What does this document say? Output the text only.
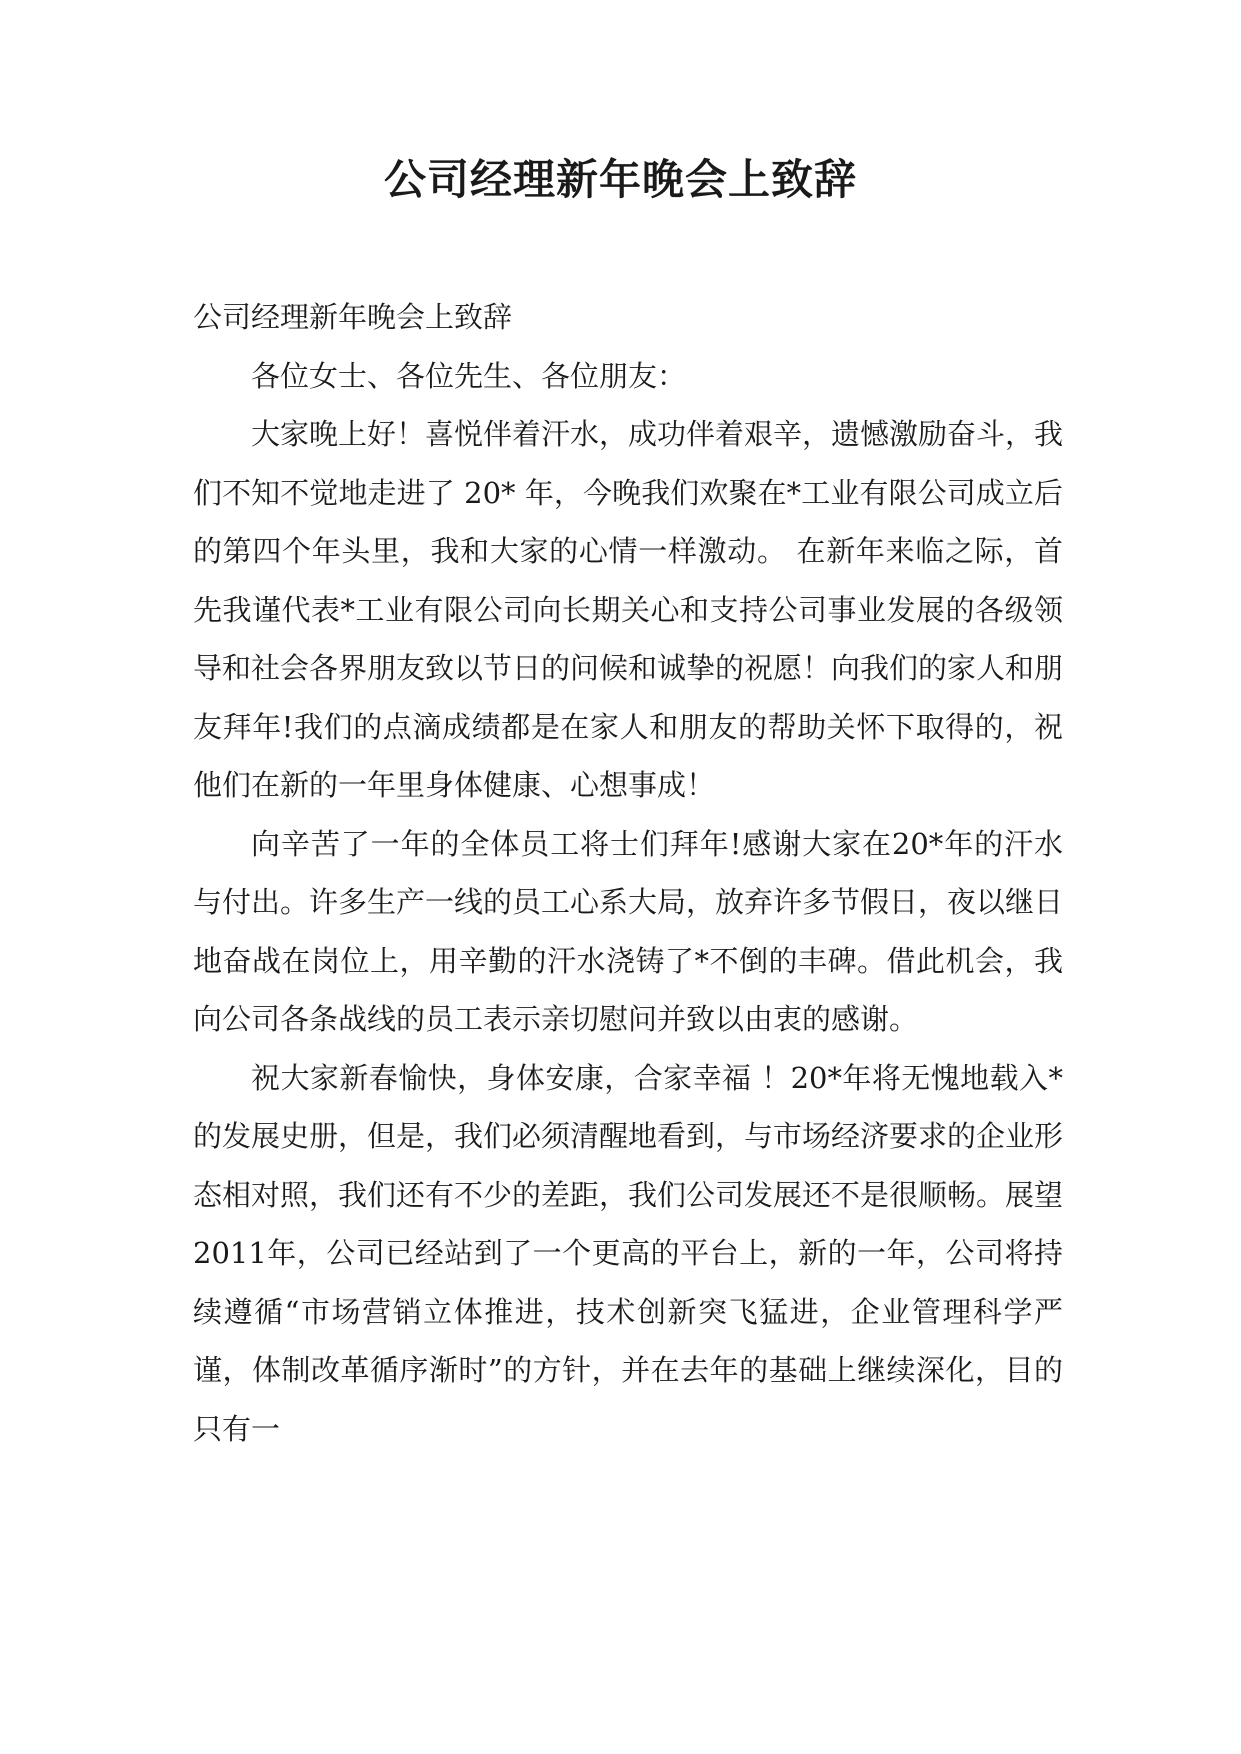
公司经理新年晚会上致辞

公司经理新年晚会上致辞

各位女士、各位先生、各位朋友：

大家晚上好！喜悦伴着汗水，成功伴着艰辛，遗憾激励奋斗，我们不知不觉地走进了 20* 年，今晚我们欢聚在*工业有限公司成立后的第四个年头里，我和大家的心情一样激动。 在新年来临之际，首先我谨代表*工业有限公司向长期关心和支持公司事业发展的各级领导和社会各界朋友致以节日的问候和诚挚的祝愿！向我们的家人和朋友拜年!我们的点滴成绩都是在家人和朋友的帮助关怀下取得的，祝他们在新的一年里身体健康、心想事成！

向辛苦了一年的全体员工将士们拜年!感谢大家在20*年的汗水与付出。许多生产一线的员工心系大局，放弃许多节假日，夜以继日地奋战在岗位上，用辛勤的汗水浇铸了*不倒的丰碑。借此机会，我向公司各条战线的员工表示亲切慰问并致以由衷的感谢。

祝大家新春愉快，身体安康，合家幸福 ！20*年将无愧地载入*的发展史册，但是，我们必须清醒地看到，与市场经济要求的企业形态相对照，我们还有不少的差距，我们公司发展还不是很顺畅。展望2011年，公司已经站到了一个更高的平台上，新的一年，公司将持续遵循“市场营销立体推进，技术创新突飞猛进，企业管理科学严谨，体制改革循序渐时”的方针，并在去年的基础上继续深化，目的只有一
